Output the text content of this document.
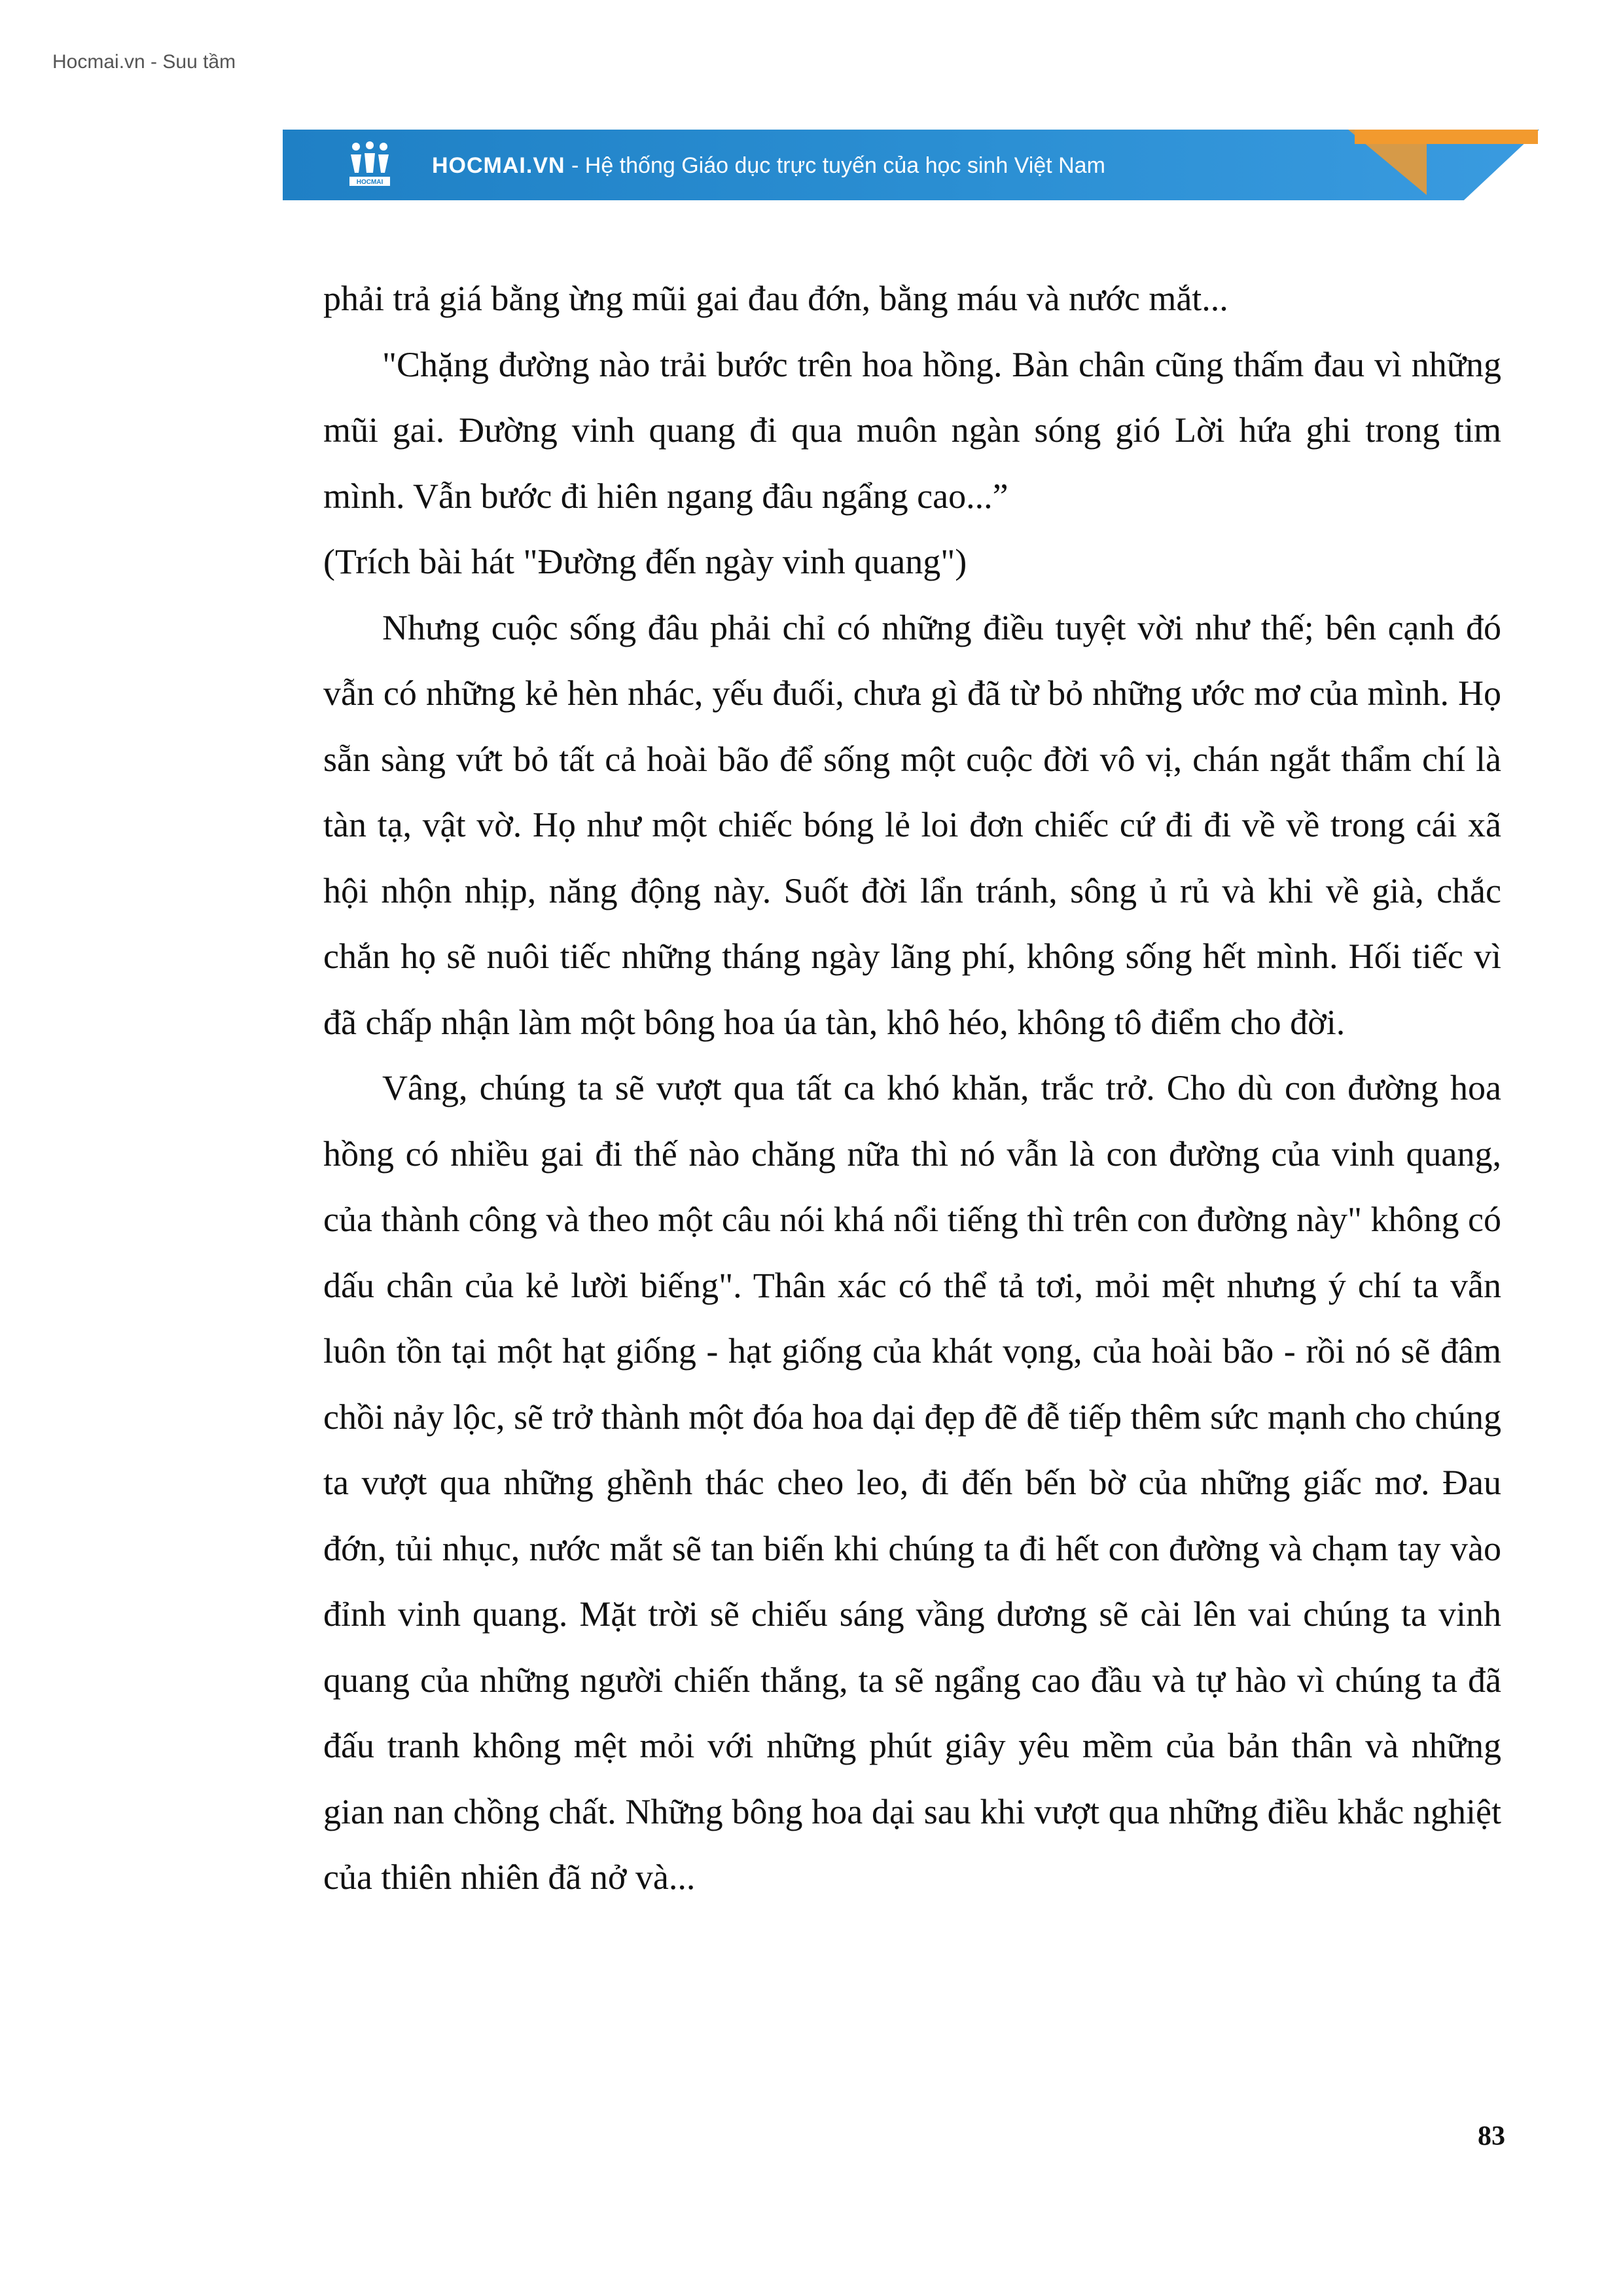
Hocmai.vn - Suu tầm
HOCMAI
HOCMAI.VN - Hệ thống Giáo dục trực tuyến của học sinh Việt Nam

phải trả giá bằng ừng mũi gai đau đớn, bằng máu và nước mắt...

"Chặng đường nào trải bước trên hoa hồng. Bàn chân cũng thấm đau vì những mũi gai. Đường vinh quang đi qua muôn ngàn sóng gió Lời hứa ghi trong tim mình. Vẫn bước đi hiên ngang đâu ngẩng cao...”

(Trích bài hát "Đường đến ngày vinh quang")

Nhưng cuộc sống đâu phải chỉ có những điều tuyệt vời như thế; bên cạnh đó vẫn có những kẻ hèn nhác, yếu đuối, chưa gì đã từ bỏ những ước mơ của mình. Họ sẵn sàng vứt bỏ tất cả hoài bão để sống một cuộc đời vô vị, chán ngắt thẩm chí là tàn tạ, vật vờ. Họ như một chiếc bóng lẻ loi đơn chiếc cứ đi đi về về trong cái xã hội nhộn nhịp, năng động này. Suốt đời lẩn tránh, sông ủ rủ và khi về già, chắc chắn họ sẽ nuôi tiếc những tháng ngày lãng phí, không sống hết mình. Hối tiếc vì đã chấp nhận làm một bông hoa úa tàn, khô héo, không tô điểm cho đời.

Vâng, chúng ta sẽ vượt qua tất ca khó khăn, trắc trở. Cho dù con đường hoa hồng có nhiều gai đi thế nào chăng nữa thì nó vẫn là con đường của vinh quang, của thành công và theo một câu nói khá nổi tiếng thì trên con đường này" không có dấu chân của kẻ lười biếng". Thân xác có thể tả tơi, mỏi mệt nhưng ý chí ta vẫn luôn tồn tại một hạt giống - hạt giống của khát vọng, của hoài bão - rồi nó sẽ đâm chồi nảy lộc, sẽ trở thành một đóa hoa dại đẹp đẽ đễ tiếp thêm sức mạnh cho chúng ta vượt qua những ghềnh thác cheo leo, đi đến bến bờ của những giấc mơ. Đau đớn, tủi nhục, nước mắt sẽ tan biến khi chúng ta đi hết con đường và chạm tay vào đỉnh vinh quang. Mặt trời sẽ chiếu sáng vầng dương sẽ cài lên vai chúng ta vinh quang của những người chiến thắng, ta sẽ ngẩng cao đầu và tự hào vì chúng ta đã đấu tranh không mệt mỏi với những phút giây yêu mềm của bản thân và những gian nan chồng chất. Những bông hoa dại sau khi vượt qua những điều khắc nghiệt của thiên nhiên đã nở và...

83
